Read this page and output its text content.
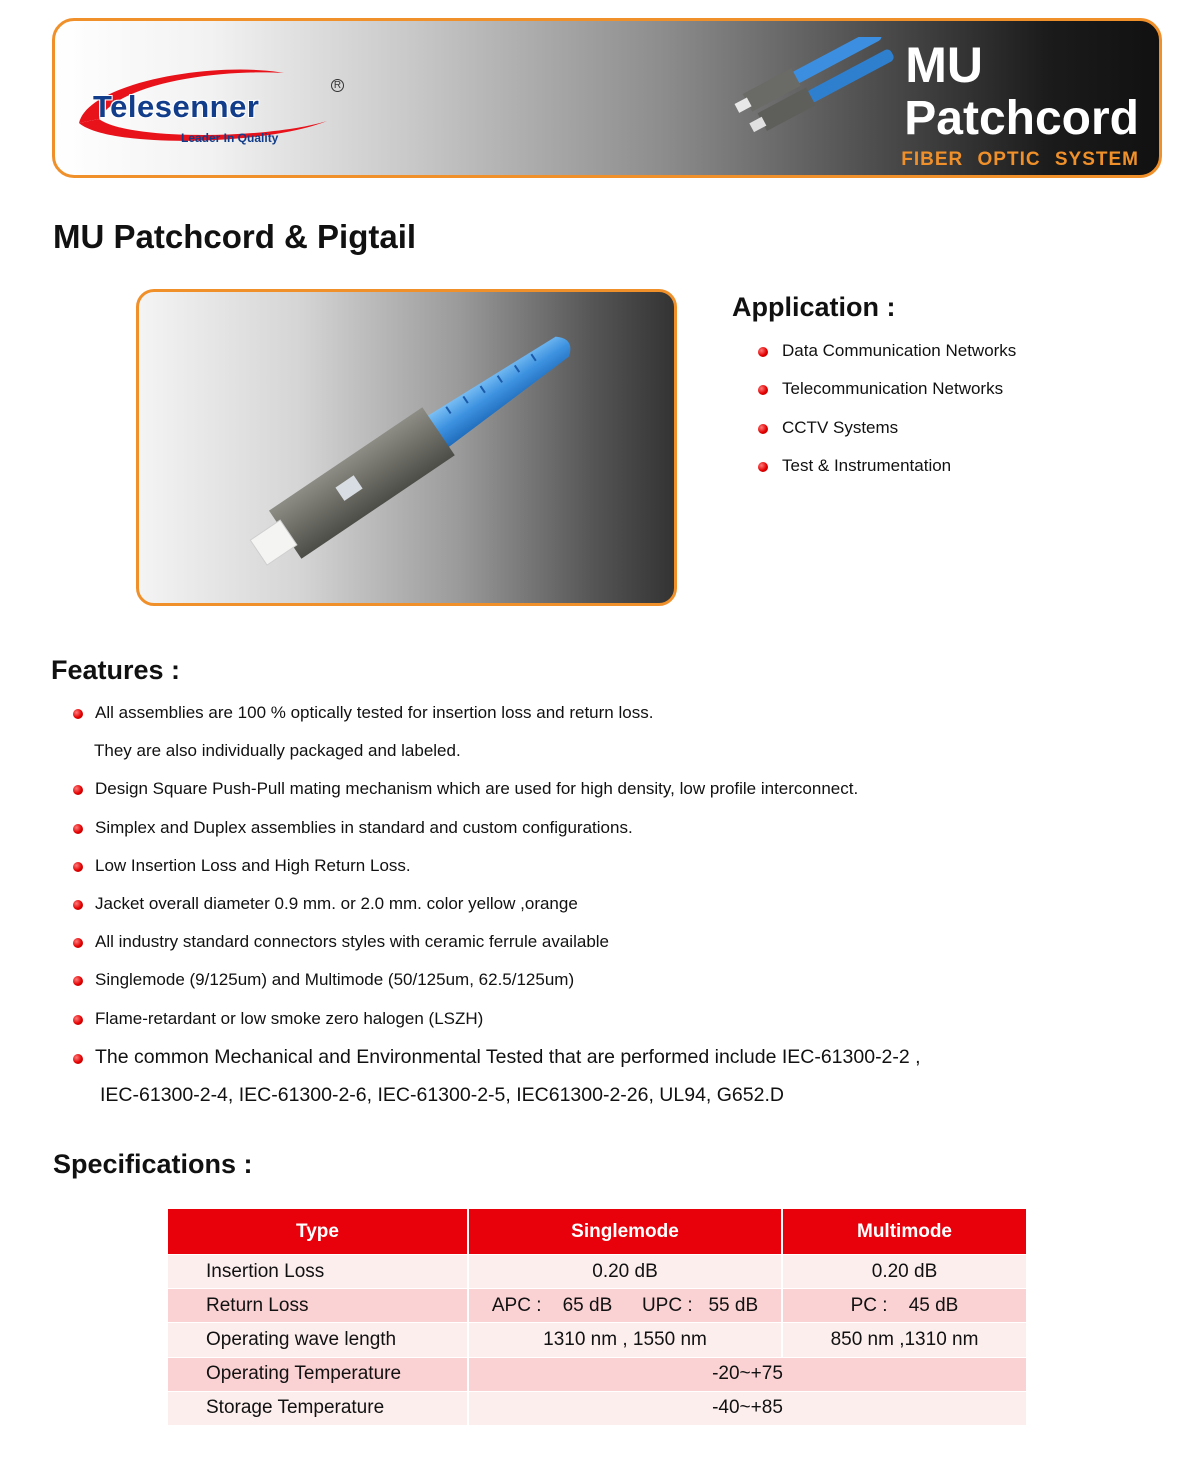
Telesenner
R
Leader In Quality
MU
Patchcord
FIBER OPTIC SYSTEM
MU Patchcord & Pigtail
Application :
Data Communication Networks
Telecommunication Networks
CCTV Systems
Test & Instrumentation
Features :
All assemblies are 100 % optically tested for insertion loss and return loss.
They are also individually packaged and labeled.
Design Square Push-Pull mating mechanism which are used for high density, low profile interconnect.
Simplex and Duplex assemblies in standard and custom configurations.
Low Insertion Loss and High Return Loss.
Jacket overall diameter 0.9 mm. or 2.0 mm. color yellow ,orange
All industry standard connectors styles with ceramic ferrule available
Singlemode (9/125um) and Multimode (50/125um, 62.5/125um)
Flame-retardant or low smoke zero halogen (LSZH)
The common Mechanical and Environmental Tested that are performed include IEC-61300-2-2 ,
IEC-61300-2-4, IEC-61300-2-6, IEC-61300-2-5, IEC61300-2-26, UL94, G652.D
Specifications :
Type	Singlemode	Multimode
Insertion Loss	0.20 dB	0.20 dB
Return Loss	APC :    65 dB UPC :   55 dB	PC :    45 dB
Operating wave length	1310 nm , 1550 nm	850 nm ,1310 nm
Operating Temperature	-20~+75	
Storage Temperature	-40~+85	
